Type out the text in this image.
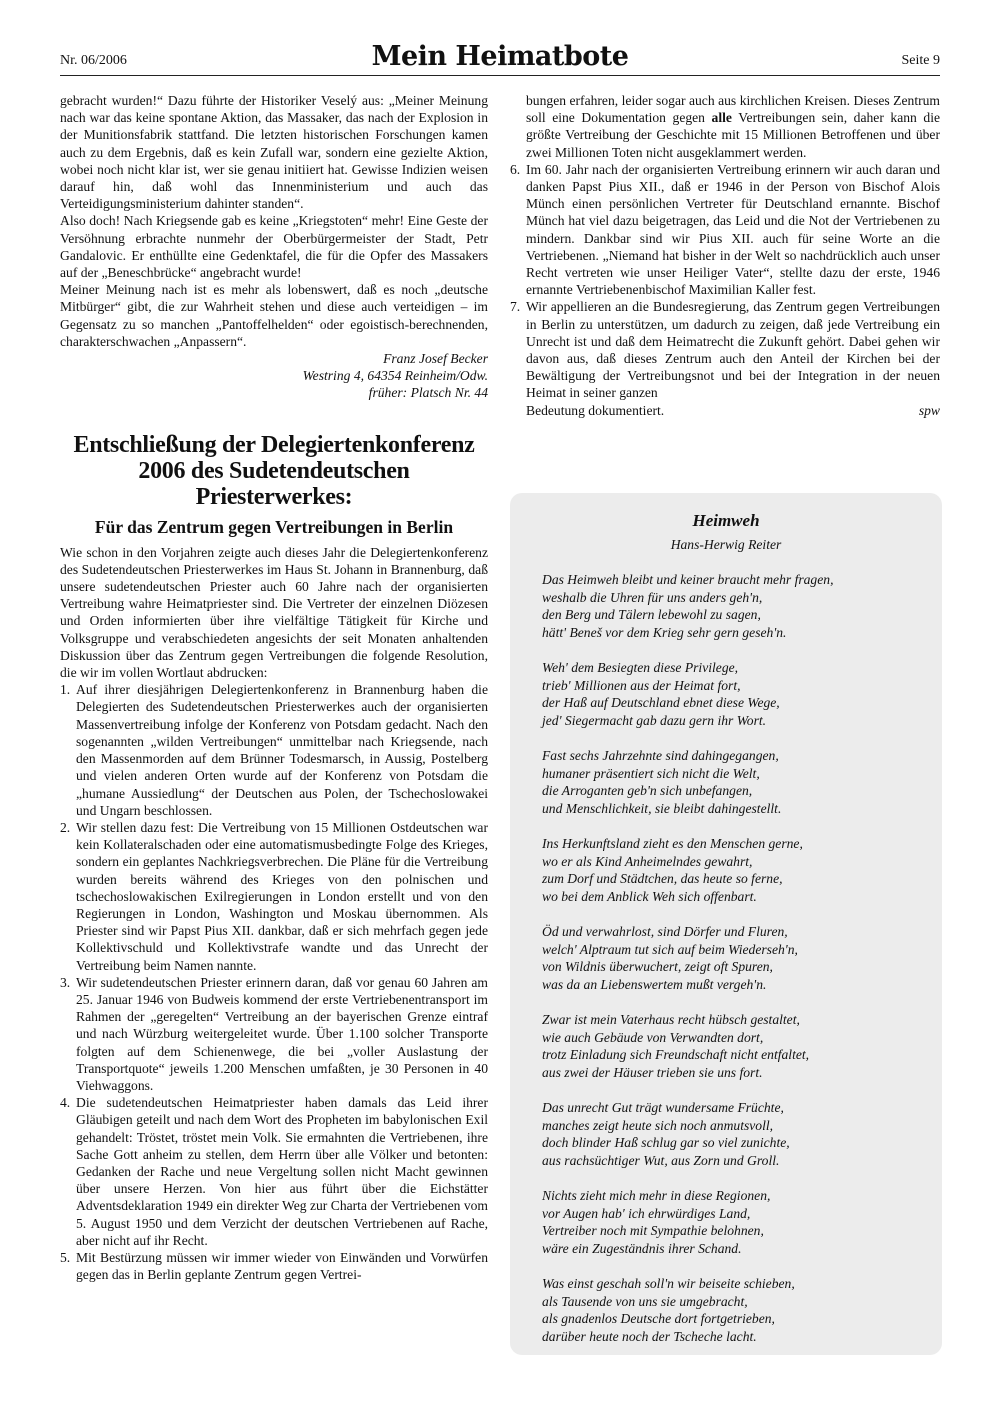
Nr. 06/2006	Mein Heimatbote	Seite 9

gebracht wurden!“ Dazu führte der Historiker Veselý aus: „Meiner Meinung nach war das keine spontane Aktion, das Massaker, das nach der Explosion in der Munitionsfabrik stattfand. Die letzten historischen Forschungen kamen auch zu dem Ergebnis, daß es kein Zufall war, sondern eine gezielte Aktion, wobei noch nicht klar ist, wer sie genau initiiert hat. Gewisse Indizien weisen darauf hin, daß wohl das Innenministerium und auch das Verteidigungsministerium dahinter standen“.

Also doch! Nach Kriegsende gab es keine „Kriegstoten“ mehr! Eine Geste der Versöhnung erbrachte nunmehr der Oberbürgermeister der Stadt, Petr Gandalovic. Er enthüllte eine Gedenktafel, die für die Opfer des Massakers auf der „Beneschbrücke“ angebracht wurde!

Meiner Meinung nach ist es mehr als lobenswert, daß es noch „deutsche Mitbürger“ gibt, die zur Wahrheit stehen und diese auch verteidigen – im Gegensatz zu so manchen „Pantoffelhelden“ oder egoistisch-berechnenden, charakterschwachen „Anpassern“.

Franz Josef Becker

Westring 4, 64354 Reinheim/Odw.

früher: Platsch Nr. 44

Entschließung der Delegiertenkonferenz
2006 des Sudetendeutschen Priesterwerkes:
Für das Zentrum gegen Vertreibungen in Berlin

Wie schon in den Vorjahren zeigte auch dieses Jahr die Delegiertenkonferenz des Sudetendeutschen Priesterwerkes im Haus St. Johann in Brannenburg, daß unsere sudetendeutschen Priester auch 60 Jahre nach der organisierten Vertreibung wahre Heimatpriester sind. Die Vertreter der einzelnen Diözesen und Orden informierten über ihre vielfältige Tätigkeit für Kirche und Volksgruppe und verabschiedeten angesichts der seit Monaten anhaltenden Diskussion über das Zentrum gegen Vertreibungen die folgende Resolution, die wir im vollen Wortlaut abdrucken:

1. Auf ihrer diesjährigen Delegiertenkonferenz in Brannenburg haben die Delegierten des Sudetendeutschen Priesterwerkes auch der organisierten Massenvertreibung infolge der Konferenz von Potsdam gedacht. Nach den sogenannten „wilden Vertreibungen“ unmittelbar nach Kriegsende, nach den Massenmorden auf dem Brünner Todesmarsch, in Aussig, Postelberg und vielen anderen Orten wurde auf der Konferenz von Potsdam die „humane Aussiedlung“ der Deutschen aus Polen, der Tschechoslowakei und Ungarn beschlossen.
2. Wir stellen dazu fest: Die Vertreibung von 15 Millionen Ostdeutschen war kein Kollateralschaden oder eine automatismusbedingte Folge des Krieges, sondern ein geplantes Nachkriegsverbrechen. Die Pläne für die Vertreibung wurden bereits während des Krieges von den polnischen und tschechoslowakischen Exilregierungen in London erstellt und von den Regierungen in London, Washington und Moskau übernommen. Als Priester sind wir Papst Pius XII. dankbar, daß er sich mehrfach gegen jede Kollektivschuld und Kollektivstrafe wandte und das Unrecht der Vertreibung beim Namen nannte.
3. Wir sudetendeutschen Priester erinnern daran, daß vor genau 60 Jahren am 25. Januar 1946 von Budweis kommend der erste Vertriebenentransport im Rahmen der „geregelten“ Vertreibung an der bayerischen Grenze eintraf und nach Würzburg weitergeleitet wurde. Über 1.100 solcher Transporte folgten auf dem Schienenwege, die bei „voller Auslastung der Transportquote“ jeweils 1.200 Menschen umfaßten, je 30 Personen in 40 Viehwaggons.
4. Die sudetendeutschen Heimatpriester haben damals das Leid ihrer Gläubigen geteilt und nach dem Wort des Propheten im babylonischen Exil gehandelt: Tröstet, tröstet mein Volk. Sie ermahnten die Vertriebenen, ihre Sache Gott anheim zu stellen, dem Herrn über alle Völker und betonten: Gedanken der Rache und neue Vergeltung sollen nicht Macht gewinnen über unsere Herzen. Von hier aus führt über die Eichstätter Adventsdeklaration 1949 ein direkter Weg zur Charta der Vertriebenen vom 5. August 1950 und dem Verzicht der deutschen Vertriebenen auf Rache, aber nicht auf ihr Recht.
5. Mit Bestürzung müssen wir immer wieder von Einwänden und Vorwürfen gegen das in Berlin geplante Zentrum gegen Vertrei-
bungen erfahren, leider sogar auch aus kirchlichen Kreisen. Dieses Zentrum soll eine Dokumentation gegen alle Vertreibungen sein, daher kann die größte Vertreibung der Geschichte mit 15 Millionen Betroffenen und über zwei Millionen Toten nicht ausgeklammert werden.
6. Im 60. Jahr nach der organisierten Vertreibung erinnern wir auch daran und danken Papst Pius XII., daß er 1946 in der Person von Bischof Alois Münch einen persönlichen Vertreter für Deutschland ernannte. Bischof Münch hat viel dazu beigetragen, das Leid und die Not der Vertriebenen zu mindern. Dankbar sind wir Pius XII. auch für seine Worte an die Vertriebenen. „Niemand hat bisher in der Welt so nachdrücklich auch unser Recht vertreten wie unser Heiliger Vater“, stellte dazu der erste, 1946 ernannte Vertriebenenbischof Maximilian Kaller fest.
7. Wir appellieren an die Bundesregierung, das Zentrum gegen Vertreibungen in Berlin zu unterstützen, um dadurch zu zeigen, daß jede Vertreibung ein Unrecht ist und daß dem Heimatrecht die Zukunft gehört. Dabei gehen wir davon aus, daß dieses Zentrum auch den Anteil der Kirchen bei der Bewältigung der Vertreibungsnot und bei der Integration in der neuen Heimat in seiner ganzen
Bedeutung dokumentiert.	spw
Heimweh
Hans-Herwig Reiter
Das Heimweh bleibt und keiner braucht mehr fragen,
weshalb die Uhren für uns anders geh'n,
den Berg und Tälern lebewohl zu sagen,
hätt' Beneš vor dem Krieg sehr gern geseh'n.
Weh' dem Besiegten diese Privilege,
trieb' Millionen aus der Heimat fort,
der Haß auf Deutschland ebnet diese Wege,
jed' Siegermacht gab dazu gern ihr Wort.
Fast sechs Jahrzehnte sind dahingegangen,
humaner präsentiert sich nicht die Welt,
die Arroganten geb'n sich unbefangen,
und Menschlichkeit, sie bleibt dahingestellt.
Ins Herkunftsland zieht es den Menschen gerne,
wo er als Kind Anheimelndes gewahrt,
zum Dorf und Städtchen, das heute so ferne,
wo bei dem Anblick Weh sich offenbart.
Öd und verwahrlost, sind Dörfer und Fluren,
welch' Alptraum tut sich auf beim Wiederseh'n,
von Wildnis überwuchert, zeigt oft Spuren,
was da an Liebenswertem mußt vergeh'n.
Zwar ist mein Vaterhaus recht hübsch gestaltet,
wie auch Gebäude von Verwandten dort,
trotz Einladung sich Freundschaft nicht entfaltet,
aus zwei der Häuser trieben sie uns fort.
Das unrecht Gut trägt wundersame Früchte,
manches zeigt heute sich noch anmutsvoll,
doch blinder Haß schlug gar so viel zunichte,
aus rachsüchtiger Wut, aus Zorn und Groll.
Nichts zieht mich mehr in diese Regionen,
vor Augen hab' ich ehrwürdiges Land,
Vertreiber noch mit Sympathie belohnen,
wäre ein Zugeständnis ihrer Schand.
Was einst geschah soll'n wir beiseite schieben,
als Tausende von uns sie umgebracht,
als gnadenlos Deutsche dort fortgetrieben,
darüber heute noch der Tscheche lacht.
